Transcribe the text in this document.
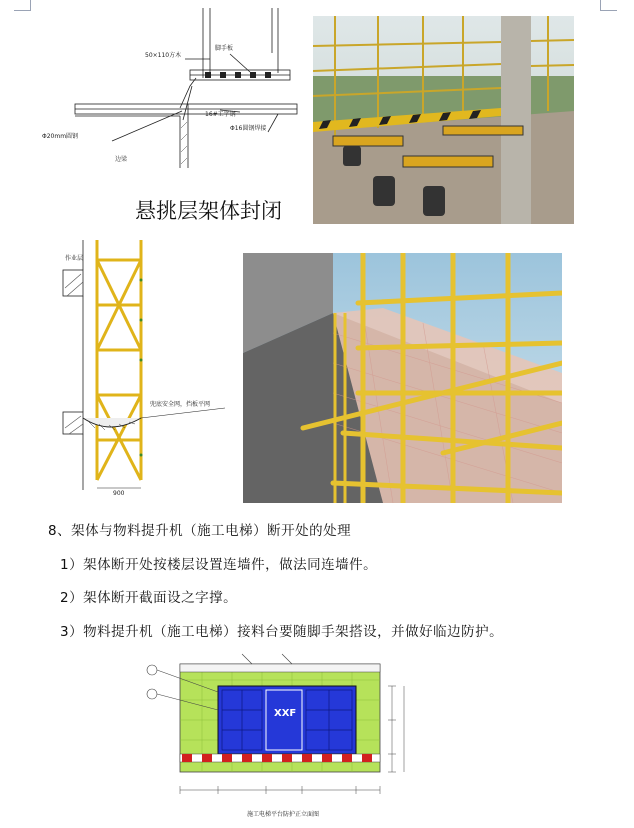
50×110方木
脚手板
16#工字钢
Φ20mm圆钢
Φ16圆钢焊接
边梁
悬挑层架体封闭
作业层
兜底安全网，挡板平网
900
8、架体与物料提升机（施工电梯）断开处的处理
1）架体断开处按楼层设置连墙件，做法同连墙件。
2）架体断开截面设之字撑。
3）物料提升机（施工电梯）接料台要随脚手架搭设，并做好临边防护。
XXF
施工电梯平台防护正立面图
